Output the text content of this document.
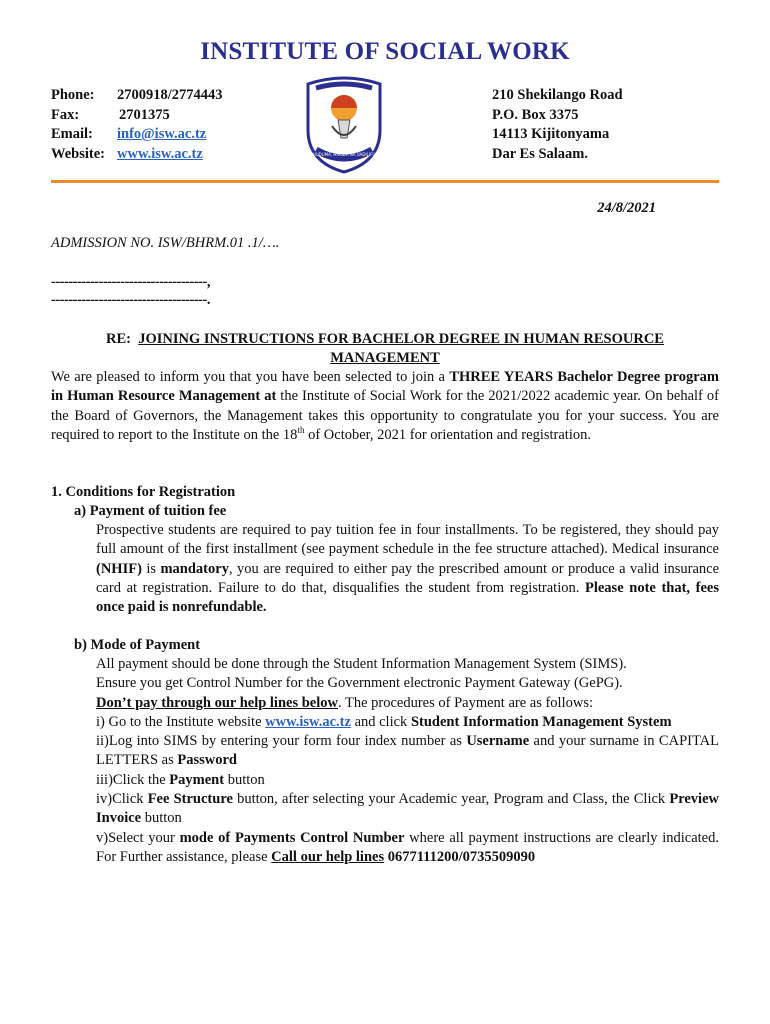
INSTITUTE OF SOCIAL WORK
Phone:	2700918/2774443
Fax:	2701375
Email:	info@isw.ac.tz
Website: www.isw.ac.tz	HUDUMA, HAKIZA NA UADILIFU
210 Shekilango Road
P.O. Box 3375
14113 Kijitonyama
Dar Es Salaam.
24/8/2021
ADMISSION NO. ISW/BHRM.01 .1/….
------------------------------------,
------------------------------------.
RE: JOINING INSTRUCTIONS FOR BACHELOR DEGREE IN HUMAN RESOURCE
MANAGEMENT
We are pleased to inform you that you have been selected to join a THREE YEARS Bachelor Degree program in Human Resource Management at the Institute of Social Work for the 2021/2022 academic year. On behalf of the Board of Governors, the Management takes this opportunity to congratulate you for your success. You are required to report to the Institute on the 18th of October, 2021 for orientation and registration.
1. Conditions for Registration
a) Payment of tuition fee
Prospective students are required to pay tuition fee in four installments. To be registered, they should pay full amount of the first installment (see payment schedule in the fee structure attached). Medical insurance (NHIF) is mandatory, you are required to either pay the prescribed amount or produce a valid insurance card at registration. Failure to do that, disqualifies the student from registration. Please note that, fees once paid is nonrefundable.
b) Mode of Payment
All payment should be done through the Student Information Management System (SIMS).
Ensure you get Control Number for the Government electronic Payment Gateway (GePG).
Don’t pay through our help lines below. The procedures of Payment are as follows:
i) Go to the Institute website www.isw.ac.tz and click Student Information Management System
ii)Log into SIMS by entering your form four index number as Username and your surname in CAPITAL LETTERS as Password
iii)Click the Payment button
iv)Click Fee Structure button, after selecting your Academic year, Program and Class, the Click Preview Invoice button
v)Select your mode of Payments Control Number where all payment instructions are clearly indicated. For Further assistance, please Call our help lines 0677111200/0735509090
